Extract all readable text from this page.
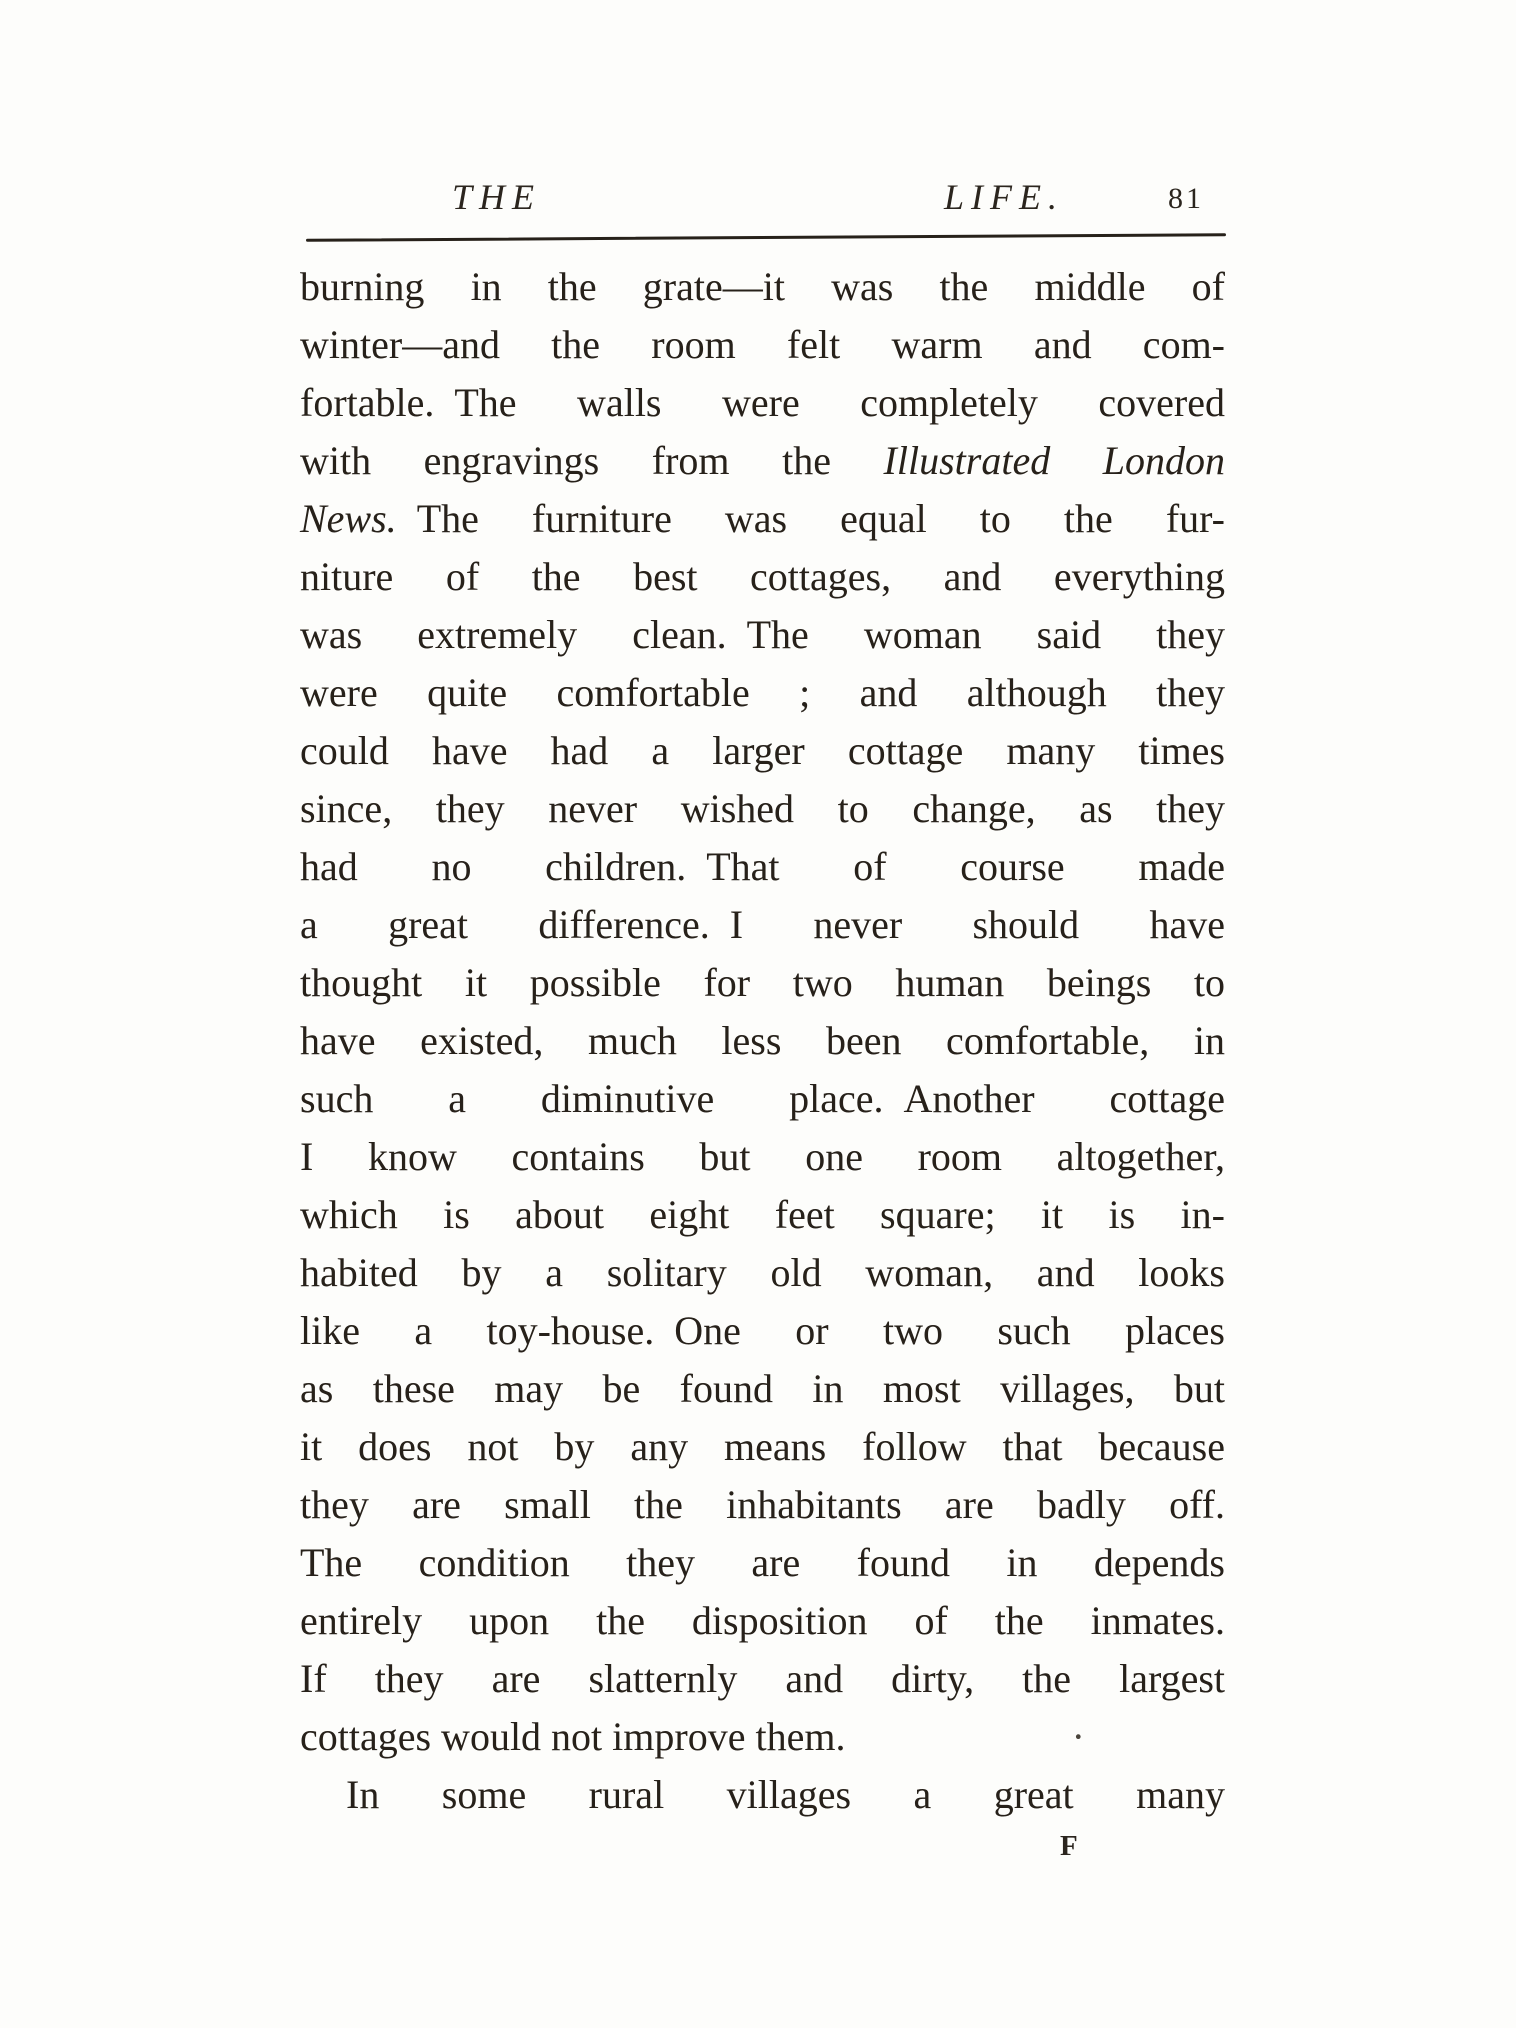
THE	LIFE.	81
burning in the grate—it was the middle of
winter—and the room felt warm and com-
fortable. The walls were completely covered
with engravings from the Illustrated London
News. The furniture was equal to the fur-
niture of the best cottages, and everything
was extremely clean. The woman said they
were quite comfortable ; and although they
could have had a larger cottage many times
since, they never wished to change, as they
had no children. That of course made
a great difference. I never should have
thought it possible for two human beings to
have existed, much less been comfortable, in
such a diminutive place. Another cottage
I know contains but one room altogether,
which is about eight feet square; it is in-
habited by a solitary old woman, and looks
like a toy-house. One or two such places
as these may be found in most villages, but
it does not by any means follow that because
they are small the inhabitants are badly off.
The condition they are found in depends
entirely upon the disposition of the inmates.
If they are slatternly and dirty, the largest
·
cottages would not improve them.
In some rural villages a great many
F
